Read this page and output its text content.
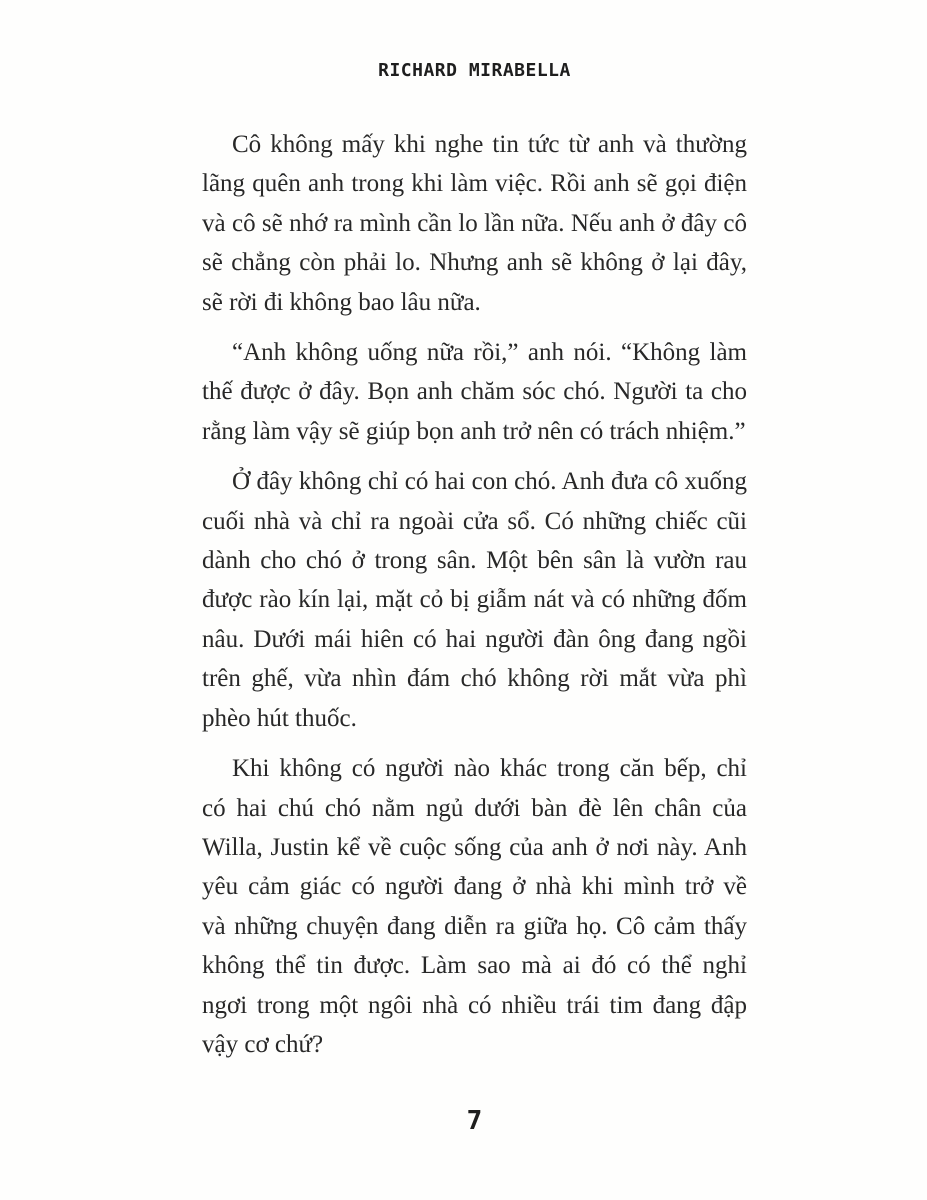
RICHARD MIRABELLA
Cô không mấy khi nghe tin tức từ anh và thường
lãng quên anh trong khi làm việc. Rồi anh sẽ gọi điện
và cô sẽ nhớ ra mình cần lo lần nữa. Nếu anh ở đây cô
sẽ chẳng còn phải lo. Nhưng anh sẽ không ở lại đây,
sẽ rời đi không bao lâu nữa.
“Anh không uống nữa rồi,” anh nói. “Không làm
thế được ở đây. Bọn anh chăm sóc chó. Người ta cho
rằng làm vậy sẽ giúp bọn anh trở nên có trách nhiệm.”
Ở đây không chỉ có hai con chó. Anh đưa cô xuống
cuối nhà và chỉ ra ngoài cửa sổ. Có những chiếc cũi
dành cho chó ở trong sân. Một bên sân là vườn rau
được rào kín lại, mặt cỏ bị giẫm nát và có những đốm
nâu. Dưới mái hiên có hai người đàn ông đang ngồi
trên ghế, vừa nhìn đám chó không rời mắt vừa phì
phèo hút thuốc.
Khi không có người nào khác trong căn bếp, chỉ
có hai chú chó nằm ngủ dưới bàn đè lên chân của
Willa, Justin kể về cuộc sống của anh ở nơi này. Anh
yêu cảm giác có người đang ở nhà khi mình trở về
và những chuyện đang diễn ra giữa họ. Cô cảm thấy
không thể tin được. Làm sao mà ai đó có thể nghỉ
ngơi trong một ngôi nhà có nhiều trái tim đang đập
vậy cơ chứ?
7
